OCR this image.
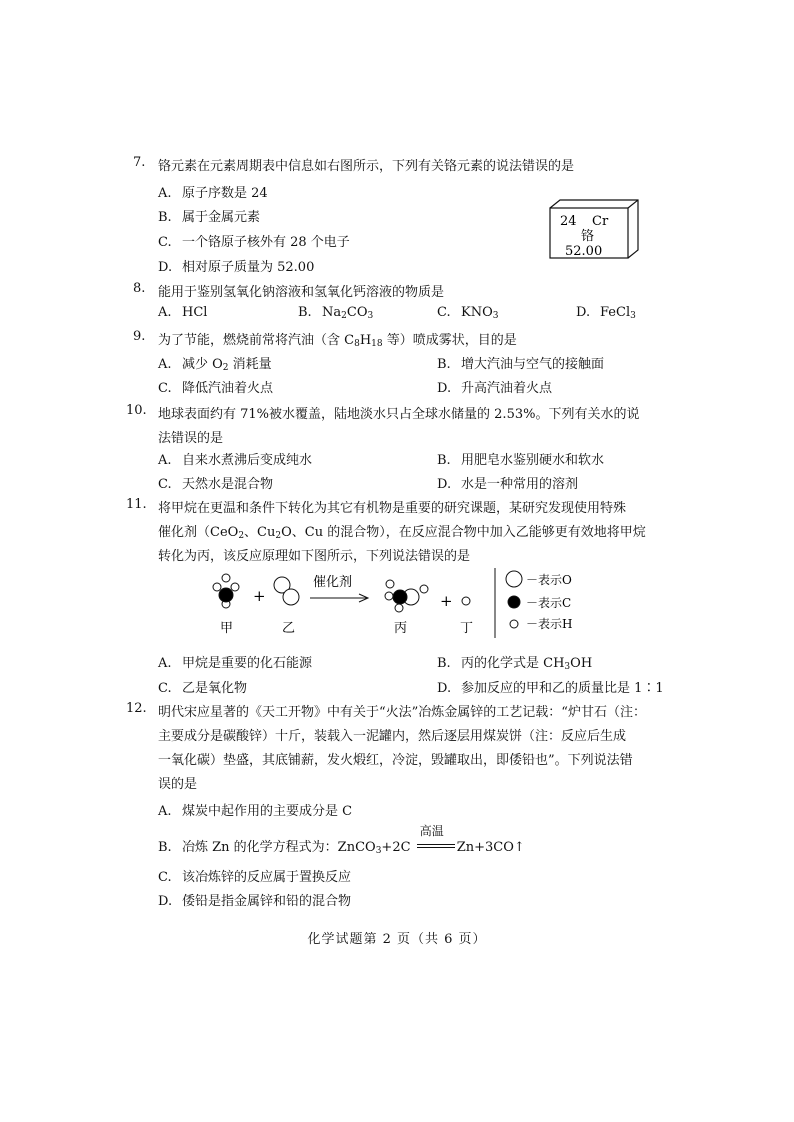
7. 铬元素在元素周期表中信息如右图所示，下列有关铬元素的说法错误的是
A. 原子序数是 24
B. 属于金属元素
C. 一个铬原子核外有 28 个电子
D. 相对原子质量为 52.00
24 Cr
铬
52.00
8. 能用于鉴别氢氧化钠溶液和氢氧化钙溶液的物质是
A. HCl	B. $Na_2CO_3$	C. $KNO_3$	D. FeCl$_3$
9. 为了节能，燃烧前常将汽油（含 $C_8H_{18}$ 等）喷成雾状，目的是
A. 减少 $O_2$ 消耗量	B. 增大汽油与空气的接触面
C. 降低汽油着火点	D. 升高汽油着火点
10. 地球表面约有 71%被水覆盖，陆地淡水只占全球水储量的 2.53%。下列有关水的说
法错误的是
A. 自来水煮沸后变成纯水	B. 用肥皂水鉴别硬水和软水
C. 天然水是混合物	D. 水是一种常用的溶剂
11. 将甲烷在更温和条件下转化为其它有机物是重要的研究课题，某研究发现使用特殊
催化剂（CeO$_2$、$Cu_2O$、Cu 的混合物），在反应混合物中加入乙能够更有效地将甲烷
转化为丙，该反应原理如下图所示，下列说法错误的是
+	+
催化剂
甲	乙	丙	丁
－表示O
－表示C
－表示H
A. 甲烷是重要的化石能源	B. 丙的化学式是 $CH_3OH$
C. 乙是氧化物	D. 参加反应的甲和乙的质量比是 1∶1
12. 明代宋应星著的《天工开物》中有关于“火法”冶炼金属锌的工艺记载：“炉甘石（注：
主要成分是碳酸锌）十斤，装载入一泥罐内，然后逐层用煤炭饼（注：反应后生成
一氧化碳）垫盛，其底铺薪，发火煅红，冷淀，毁罐取出，即倭铅也”。下列说法错
误的是
A. 煤炭中起作用的主要成分是 C
B. 冶炼 Zn 的化学方程式为：ZnCO$_3$+2C
高温
Zn+3CO↑
C. 该冶炼锌的反应属于置换反应
D. 倭铅是指金属锌和铅的混合物
化学试题第 2 页（共 6 页）
